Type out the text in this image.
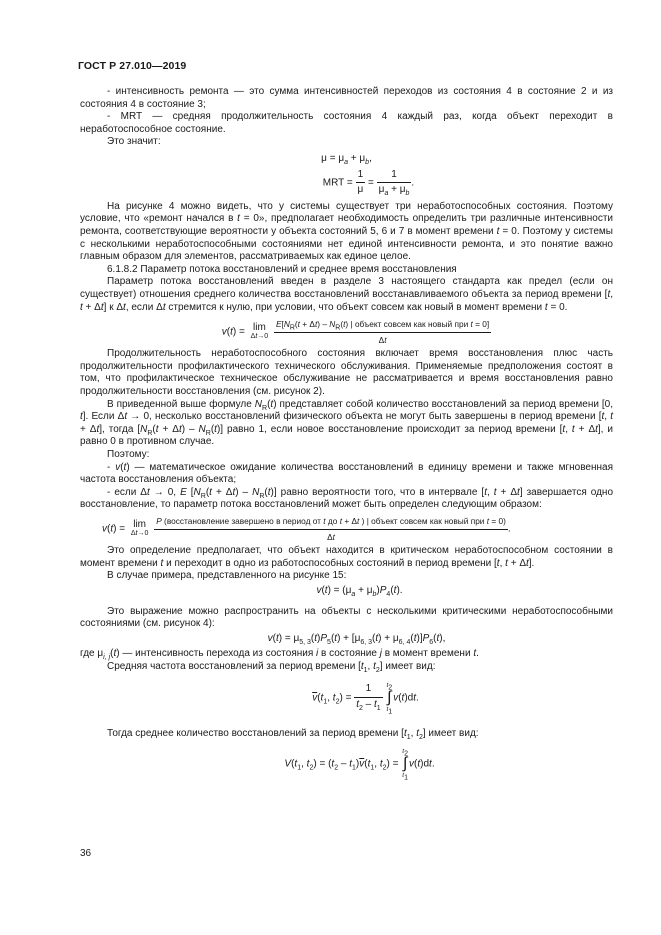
ГОСТ Р 27.010—2019

- интенсивность ремонта — это сумма интенсивностей переходов из состояния 4 в состояние 2 и из состояния 4 в состояние 3;

- MRT — средняя продолжительность состояния 4 каждый раз, когда объект переходит в неработоспособное состояние.

Это значит:

$\mu = \mu_a + \mu_b$,

MRT = $\frac{1}{\mu} = \frac{1}{\mu_a + \mu_b}$ .

На рисунке 4 можно видеть, что у системы существует три неработоспособных состояния. Поэтому условие, что «ремонт начался в t = 0», предполагает необходимость определить три различные интенсивности ремонта, соответствующие вероятности у объекта состояний 5, 6 и 7 в момент времени t = 0. Поэтому у системы с несколькими неработоспособными состояниями нет единой интенсивности ремонта, и это понятие важно главным образом для элементов, рассматриваемых как единое целое.

6.1.8.2 Параметр потока восстановлений и среднее время восстановления

Параметр потока восстановлений введен в разделе 3 настоящего стандарта как предел (если он существует) отношения среднего количества восстановлений восстанавливаемого объекта за период времени [t, t + Δt] к Δt, если Δt стремится к нулю, при условии, что объект совсем как новый в момент времени t = 0.

v(t) = lim
Δt→0
$\frac{E[N_R(t + \Delta t) - N_R(t) | объект совсем как новый при t = 0]}{\Delta t}$

Продолжительность неработоспособного состояния включает время восстановления плюс часть продолжительности профилактического технического обслуживания. Применяемые предположения состоят в том, что профилактическое техническое обслуживание не рассматривается и время восстановления равно продолжительности восстановления (см. рисунок 2).

В приведенной выше формуле $N_R(t)$ представляет собой количество восстановлений за период времени [0, t]. Если Δt → 0, несколько восстановлений физического объекта не могут быть завершены в период времени [t, t + Δt], тогда $[N_R(t + \Delta t) - N_R(t)]$ равно 1, если новое восстановление происходит за период времени [t, t + Δt], и равно 0 в противном случае.

Поэтому:

- v(t) — математическое ожидание количества восстановлений в единицу времени и также мгновенная частота восстановления объекта;

- если Δt → 0, E $[N_R(t + \Delta t) - N_R(t)]$ равно вероятности того, что в интервале [t, t + Δt] завершается одно восстановление, то параметр потока восстановлений может быть определен следующим образом:

v(t) = lim
Δt→0

P (восстановление завершено в период от t до t + Δt ) | объект совсем как новый при t = 0)
Δt
.

Это определение предполагает, что объект находится в критическом неработоспособном состоянии в момент времени t и переходит в одно из работоспособных состояний в период времени [t, t + Δt].

В случае примера, представленного на рисунке 15:

$v(t) = (\mu_a + \mu_b)P_4(t)$.

Это выражение можно распространить на объекты с несколькими критическими неработоспособными состояниями (см. рисунок 4):

$v(t) = \mu_{5, 3}(t)P_5(t) + [\mu_{6, 3}(t) + \mu_{6, 4}(t)]P_6(t)$,

где $\mu_{i, j}(t)$ — интенсивность перехода из состояния i в состояние j в момент времени t.

Средняя частота восстановлений за период времени [$t_1$, $t_2$] имеет вид:

$\overline{v}(t_1$, $t_2) = \frac{1}{t_2 - t_1}$
$t_2$
∫
$t_1$
v(t)dt.

Тогда среднее количество восстановлений за период времени [$t_1$, $t_2$] имеет вид:

$V(t_1$, $t_2) = (t_2 - t_1)\overline{v}(t_1$, $t_2$) =
$t_2$
∫
$t_1$
v(t)dt.

36
